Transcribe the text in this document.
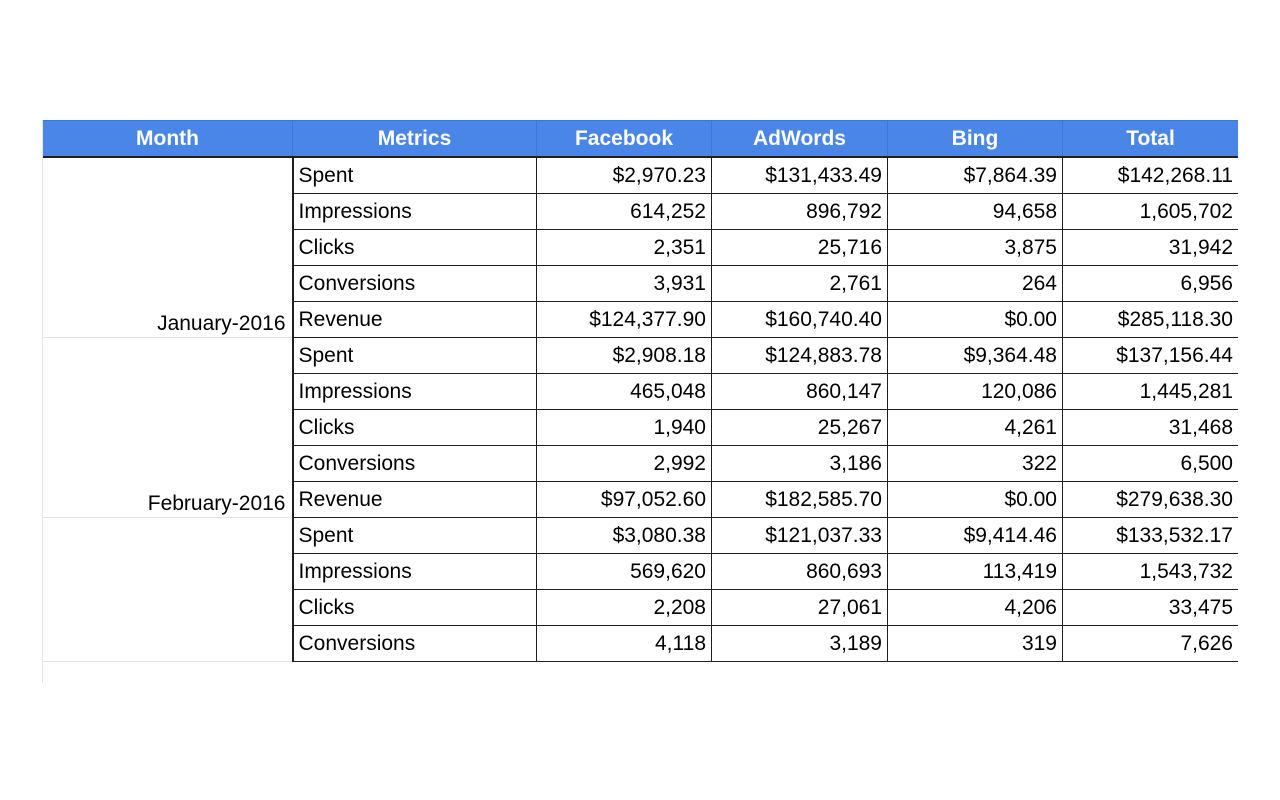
Month	Metrics	Facebook	AdWords	Bing	Total
January-2016	Spent	$2,970.23	$131,433.49	$7,864.39	$142,268.11
	Impressions	614,252	896,792	94,658	1,605,702
	Clicks	2,351	25,716	3,875	31,942
	Conversions	3,931	2,761	264	6,956
	Revenue	$124,377.90	$160,740.40	$0.00	$285,118.30
February-2016	Spent	$2,908.18	$124,883.78	$9,364.48	$137,156.44
	Impressions	465,048	860,147	120,086	1,445,281
	Clicks	1,940	25,267	4,261	31,468
	Conversions	2,992	3,186	322	6,500
	Revenue	$97,052.60	$182,585.70	$0.00	$279,638.30
	Spent	$3,080.38	$121,037.33	$9,414.46	$133,532.17
	Impressions	569,620	860,693	113,419	1,543,732
	Clicks	2,208	27,061	4,206	33,475
	Conversions	4,118	3,189	319	7,626
